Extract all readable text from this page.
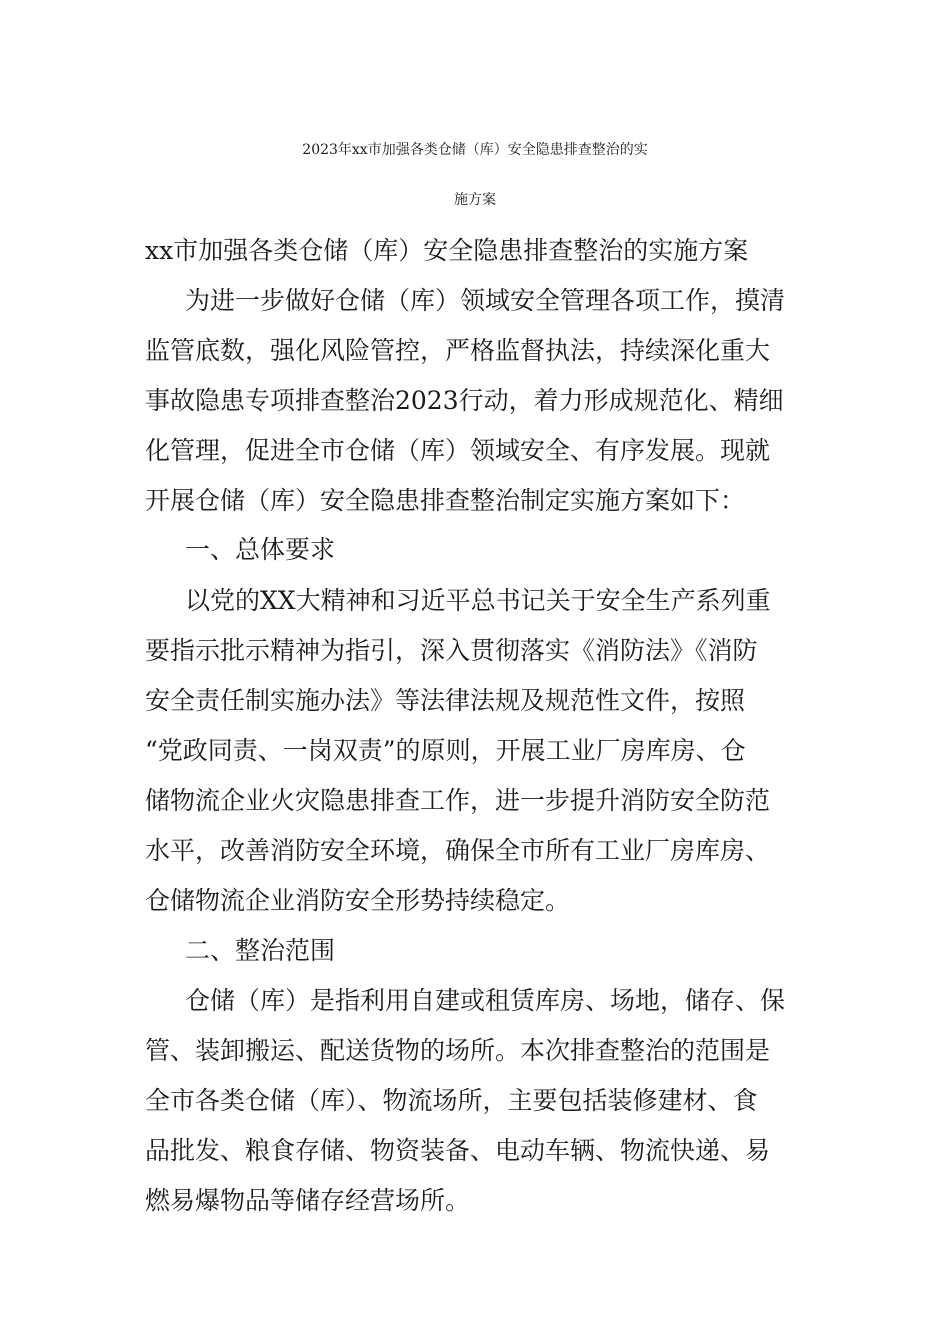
2023年xx市加强各类仓储（库）安全隐患排查整治的实
施方案

xx市加强各类仓储（库）安全隐患排查整治的实施方案

为进一步做好仓储（库）领域安全管理各项工作，摸清

监管底数，强化风险管控，严格监督执法，持续深化重大

事故隐患专项排查整治2023行动，着力形成规范化、精细

化管理，促进全市仓储（库）领域安全、有序发展。现就

开展仓储（库）安全隐患排查整治制定实施方案如下：

一、总体要求

以党的XX大精神和习近平总书记关于安全生产系列重

要指示批示精神为指引，深入贯彻落实《消防法》《消防

安全责任制实施办法》等法律法规及规范性文件，按照

“党政同责、一岗双责”的原则，开展工业厂房库房、仓

储物流企业火灾隐患排查工作，进一步提升消防安全防范

水平，改善消防安全环境，确保全市所有工业厂房库房、

仓储物流企业消防安全形势持续稳定。

二、整治范围

仓储（库）是指利用自建或租赁库房、场地，储存、保

管、装卸搬运、配送货物的场所。本次排查整治的范围是

全市各类仓储（库）、物流场所，主要包括装修建材、食

品批发、粮食存储、物资装备、电动车辆、物流快递、易

燃易爆物品等储存经营场所。
